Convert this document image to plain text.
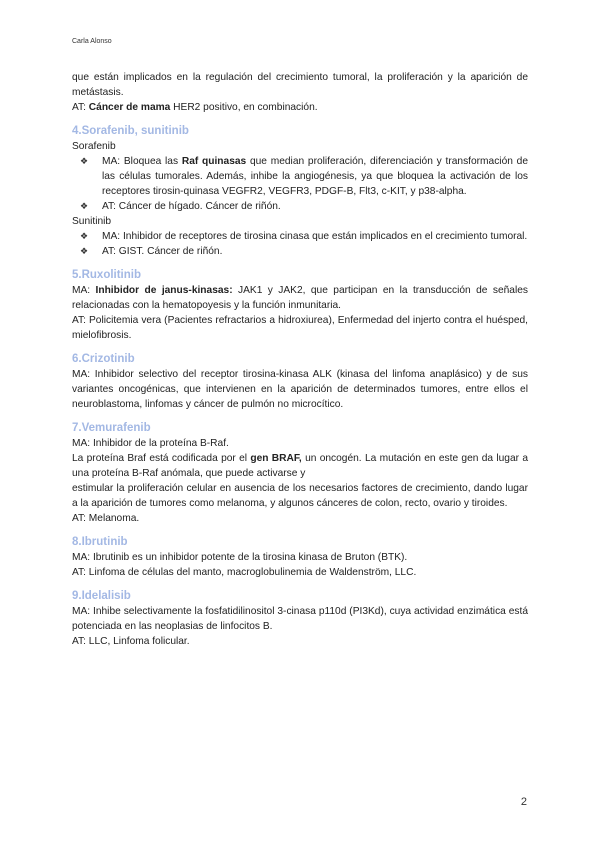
Carla Alonso

que están implicados en la regulación del crecimiento tumoral, la proliferación y la aparición de metástasis.

AT: Cáncer de mama HER2 positivo, en combinación.

4.Sorafenib, sunitinib

Sorafenib

❖	MA: Bloquea las Raf quinasas que median proliferación, diferenciación y transformación de las células tumorales. Además, inhibe la angiogénesis, ya que bloquea la activación de los receptores tirosin-quinasa VEGFR2, VEGFR3, PDGF-B, Flt3, c-KIT, y p38-alpha.

❖	AT: Cáncer de hígado. Cáncer de riñón.

Sunitinib

❖	MA: Inhibidor de receptores de tirosina cinasa que están implicados en el crecimiento tumoral.

❖	AT: GIST. Cáncer de riñón.

5.Ruxolitinib

MA: Inhibidor de janus-kinasas: JAK1 y JAK2, que participan en la transducción de señales relacionadas con la hematopoyesis y la función inmunitaria.

AT: Policitemia vera (Pacientes refractarios a hidroxiurea), Enfermedad del injerto contra el huésped, mielofibrosis.

6.Crizotinib

MA: Inhibidor selectivo del receptor tirosina-kinasa ALK (kinasa del linfoma anaplásico) y de sus variantes oncogénicas, que intervienen en la aparición de determinados tumores, entre ellos el neuroblastoma, linfomas y cáncer de pulmón no microcítico.

7.Vemurafenib

MA: Inhibidor de la proteína B-Raf.

La proteína Braf está codificada por el gen BRAF, un oncogén. La mutación en este gen da lugar a una proteína B-Raf anómala, que puede activarse y

estimular la proliferación celular en ausencia de los necesarios factores de crecimiento, dando lugar a la aparición de tumores como melanoma, y algunos cánceres de colon, recto, ovario y tiroides.

AT: Melanoma.

8.Ibrutinib

MA: Ibrutinib es un inhibidor potente de la tirosina kinasa de Bruton (BTK).

AT: Linfoma de células del manto, macroglobulinemia de Waldenström, LLC.

9.Idelalisib

MA: Inhibe selectivamente la fosfatidilinositol 3-cinasa p110d (PI3Kd), cuya actividad enzimática está potenciada en las neoplasias de linfocitos B.

AT: LLC, Linfoma folicular.

2
